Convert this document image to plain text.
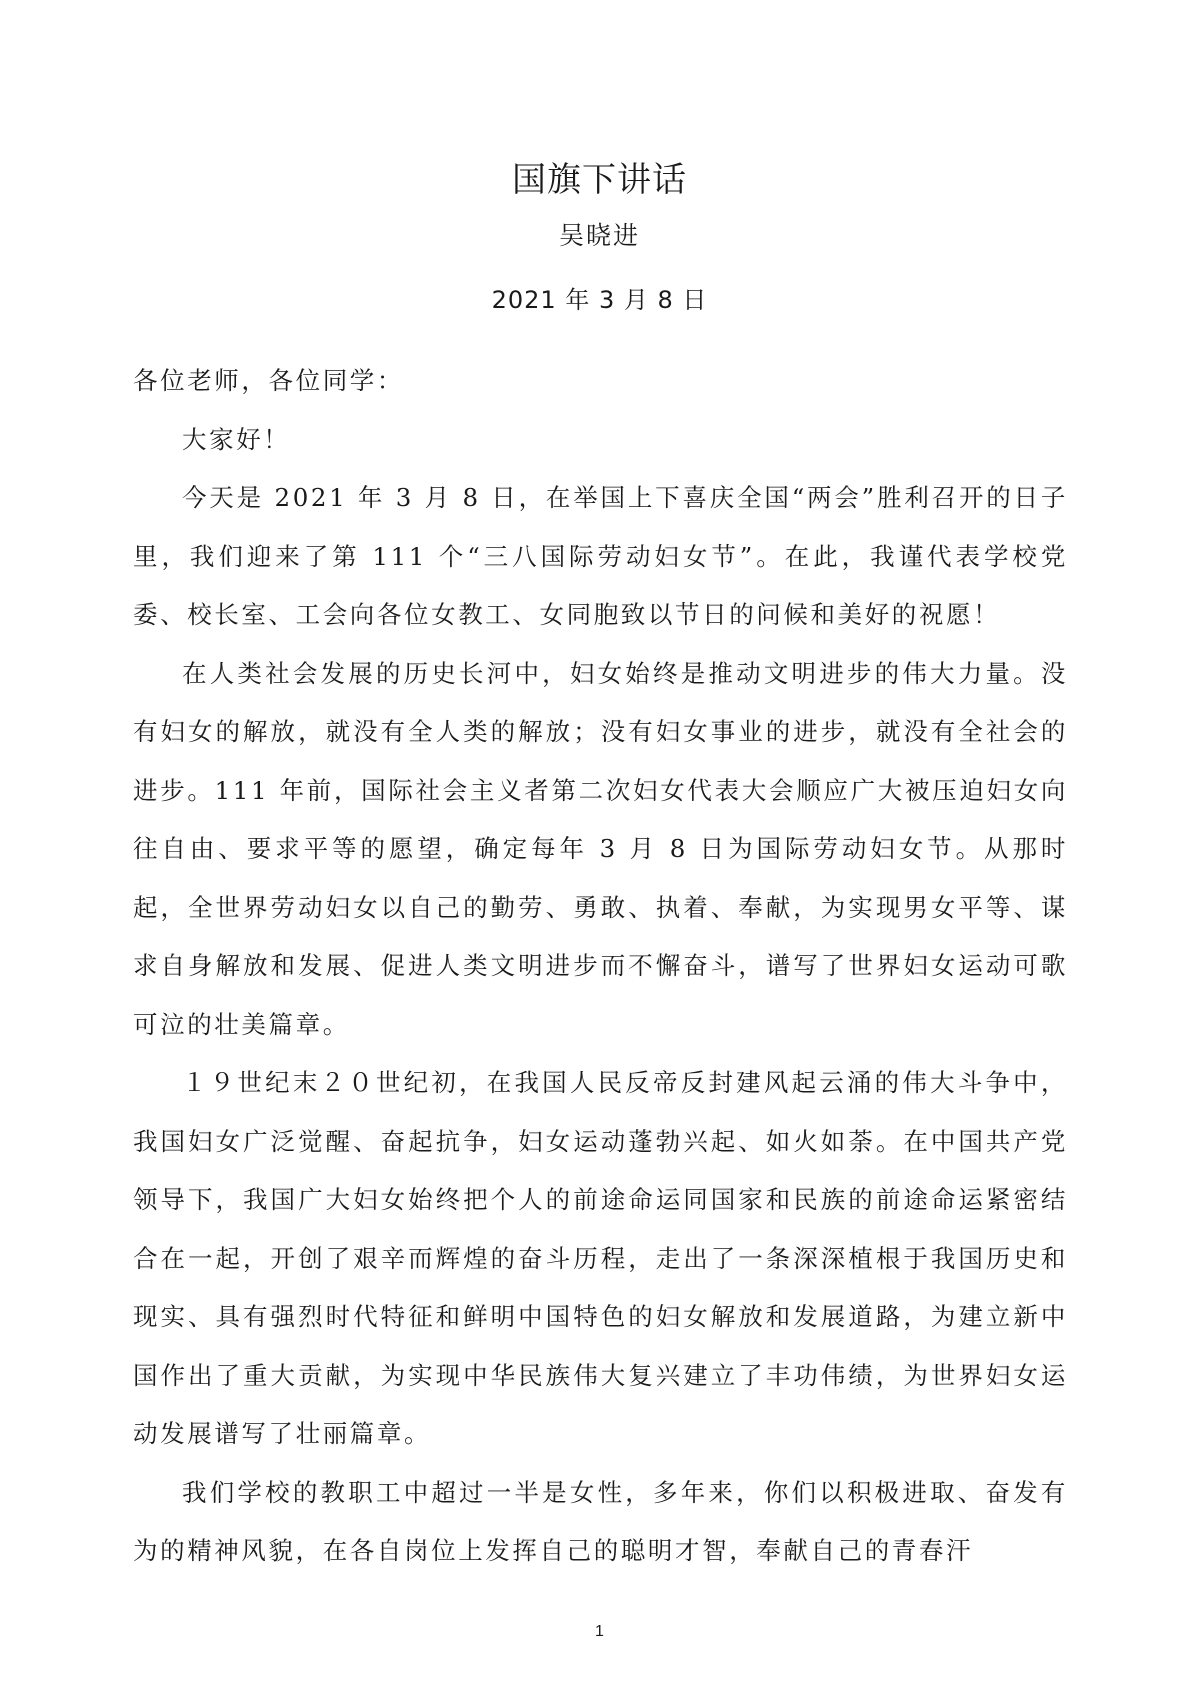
国旗下讲话
吴晓进
2021 年 3 月 8 日

各位老师，各位同学：

大家好！

今天是 2021 年 3 月 8 日，在举国上下喜庆全国“两会”胜利召开的日子里，我们迎来了第 111 个“三八国际劳动妇女节”。在此，我谨代表学校党委、校长室、工会向各位女教工、女同胞致以节日的问候和美好的祝愿！

在人类社会发展的历史长河中，妇女始终是推动文明进步的伟大力量。没有妇女的解放，就没有全人类的解放；没有妇女事业的进步，就没有全社会的进步。111 年前，国际社会主义者第二次妇女代表大会顺应广大被压迫妇女向往自由、要求平等的愿望，确定每年 3 月 8 日为国际劳动妇女节。从那时起，全世界劳动妇女以自己的勤劳、勇敢、执着、奉献，为实现男女平等、谋求自身解放和发展、促进人类文明进步而不懈奋斗，谱写了世界妇女运动可歌可泣的壮美篇章。

１９世纪末２０世纪初，在我国人民反帝反封建风起云涌的伟大斗争中，我国妇女广泛觉醒、奋起抗争，妇女运动蓬勃兴起、如火如荼。在中国共产党领导下，我国广大妇女始终把个人的前途命运同国家和民族的前途命运紧密结合在一起，开创了艰辛而辉煌的奋斗历程，走出了一条深深植根于我国历史和现实、具有强烈时代特征和鲜明中国特色的妇女解放和发展道路，为建立新中国作出了重大贡献，为实现中华民族伟大复兴建立了丰功伟绩，为世界妇女运动发展谱写了壮丽篇章。

我们学校的教职工中超过一半是女性，多年来，你们以积极进取、奋发有为的精神风貌，在各自岗位上发挥自己的聪明才智，奉献自己的青春汗

1
